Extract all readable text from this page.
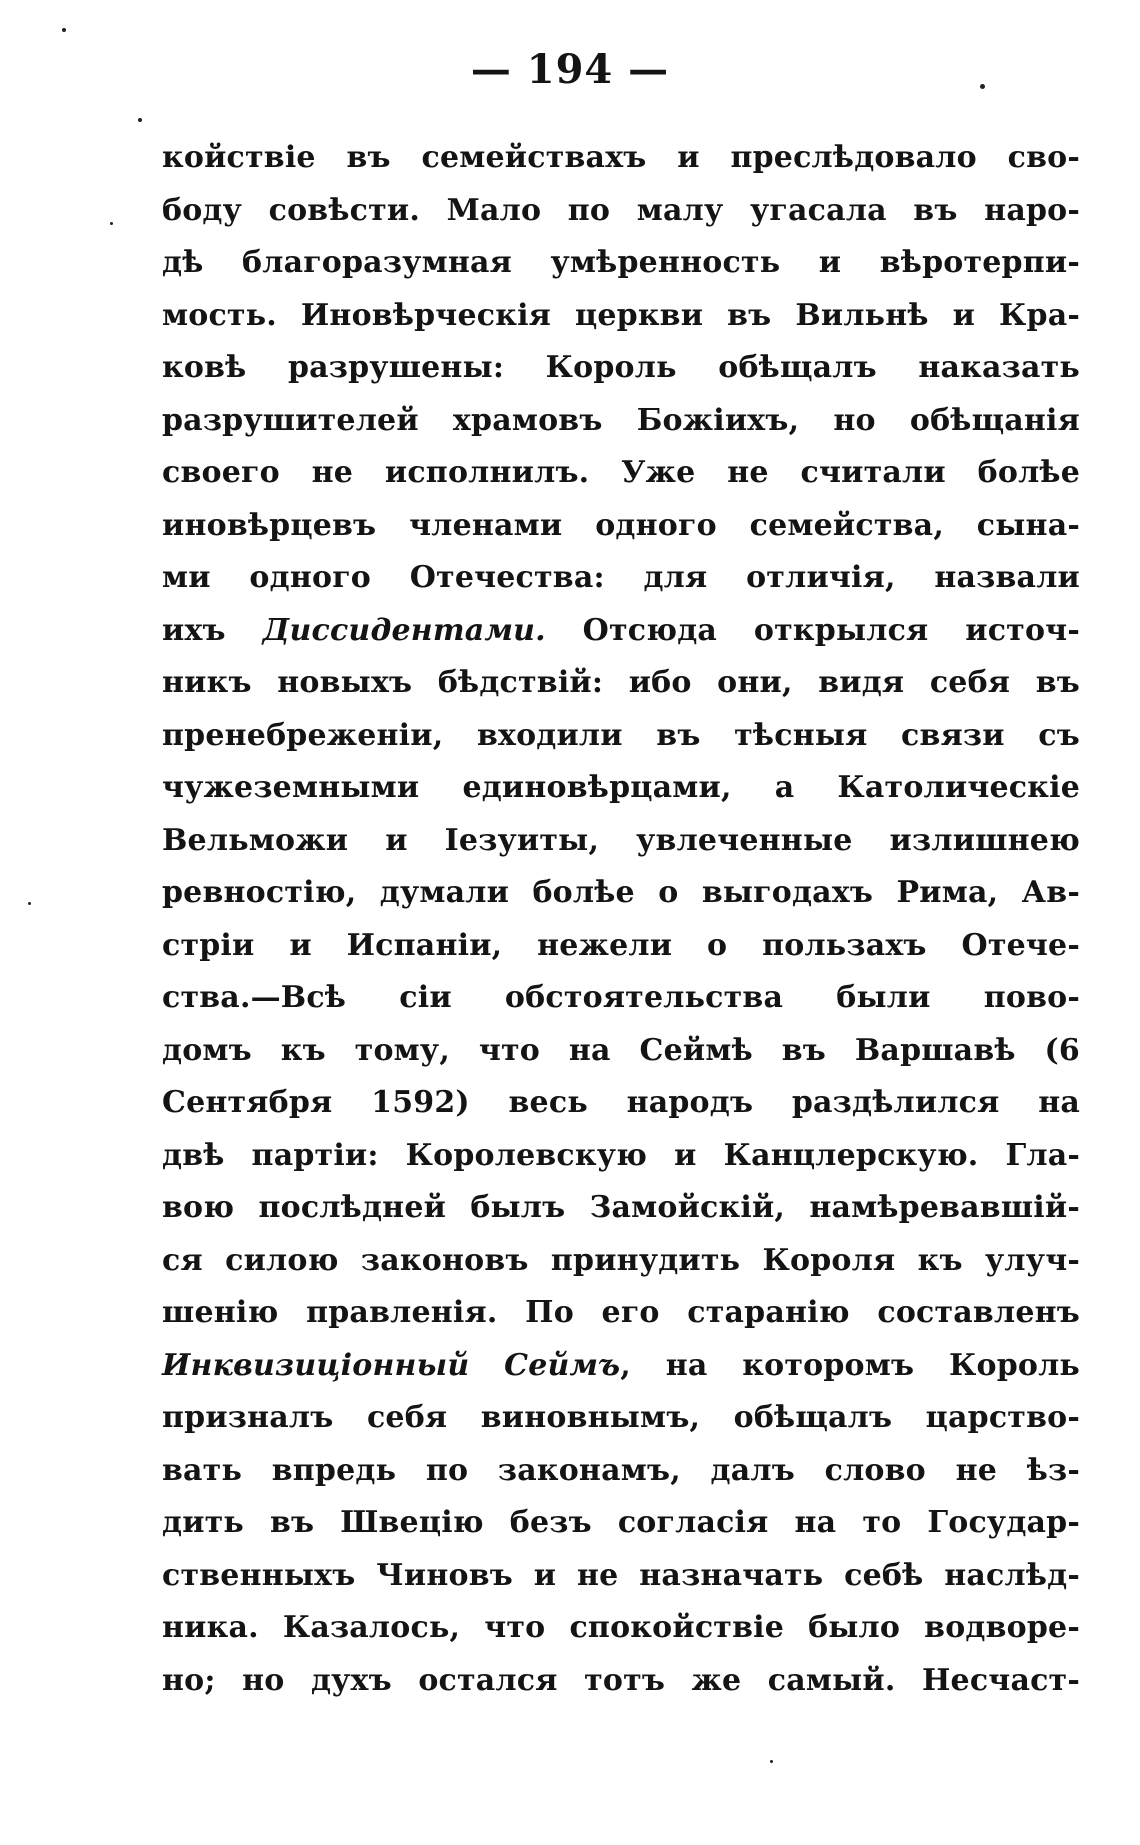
— 194 —
койствіе въ семействахъ и преслѣдовало сво-
боду совѣсти. Мало по малу угасала въ наро-
дѣ благоразумная умѣренность и вѣротерпи-
мость. Иновѣрческія церкви въ Вильнѣ и Кра-
ковѣ разрушены: Король обѣщалъ наказать
разрушителей храмовъ Божіихъ, но обѣщанія
своего не исполнилъ. Уже не считали болѣе
иновѣрцевъ членами одного семейства, сына-
ми одного Отечества: для отличія, назвали
ихъ Диссидентами. Отсюда открылся источ-
никъ новыхъ бѣдствій: ибо они, видя себя въ
пренебреженіи, входили въ тѣсныя связи съ
чужеземными единовѣрцами, а Католическіе
Вельможи и Іезуиты, увлеченные излишнею
ревностію, думали болѣе о выгодахъ Рима, Ав-
стріи и Испаніи, нежели о пользахъ Отече-
ства.—Всѣ сіи обстоятельства были пово-
домъ къ тому, что на Сеймѣ въ Варшавѣ (6
Сентября 1592) весь народъ раздѣлился на
двѣ партіи: Королевскую и Канцлерскую. Гла-
вою послѣдней былъ Замойскій, намѣревавшій-
ся силою законовъ принудить Короля къ улуч-
шенію правленія. По его старанію составленъ
Инквизиціонный Сеймъ, на которомъ Король
призналъ себя виновнымъ, обѣщалъ царство-
вать впредь по законамъ, далъ слово не ѣз-
дить въ Швецію безъ согласія на то Государ-
ственныхъ Чиновъ и не назначать себѣ наслѣд-
ника. Казалось, что спокойствіе было водворе-
но; но духъ остался тотъ же самый. Несчаст-
